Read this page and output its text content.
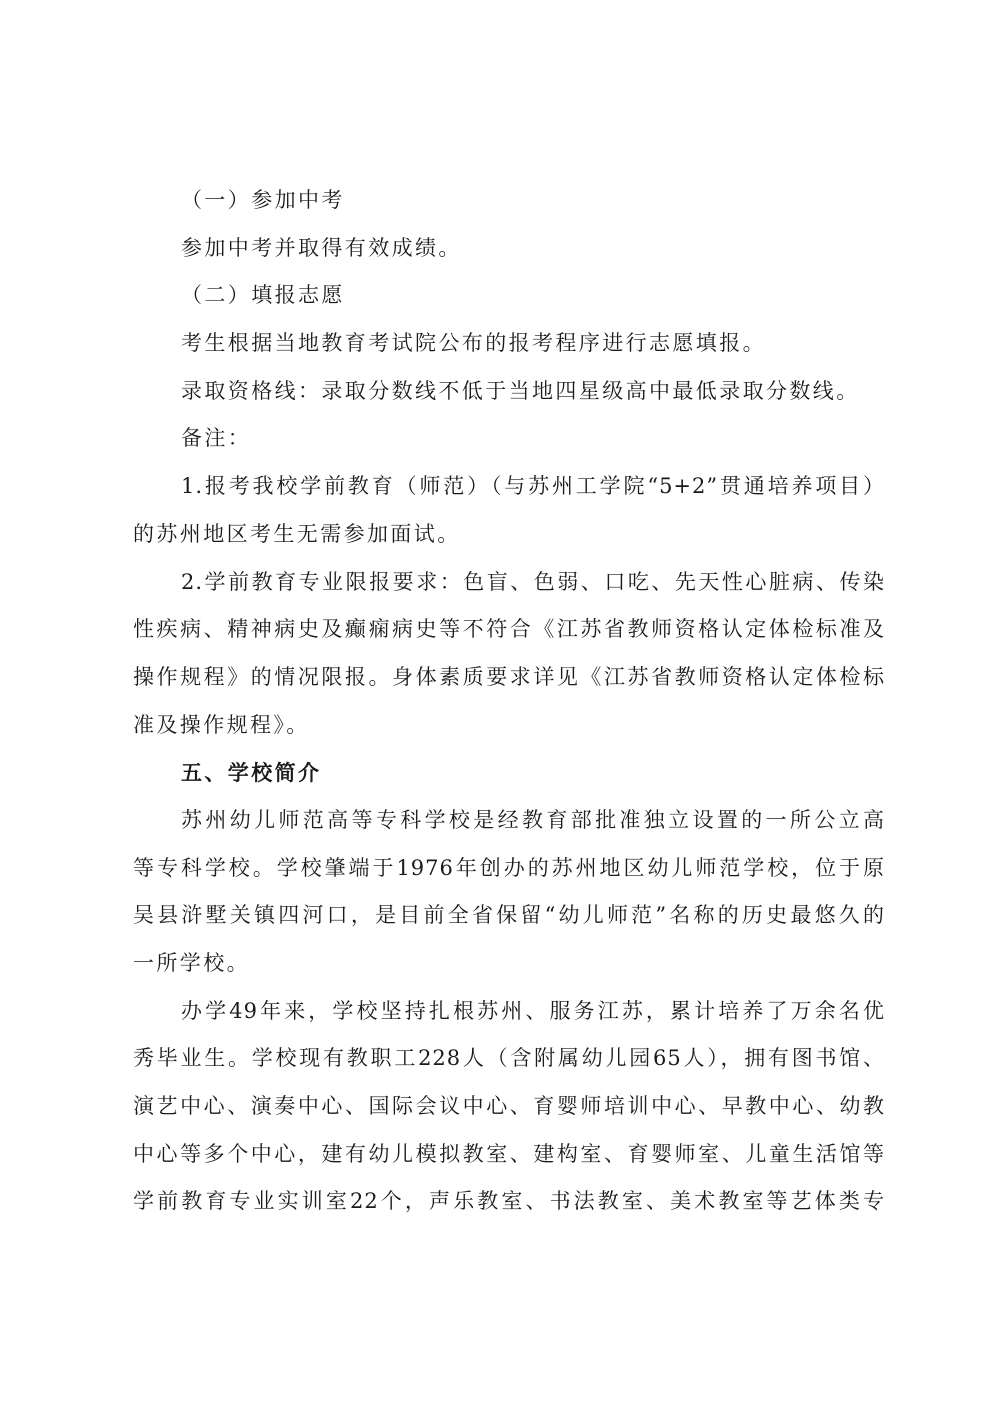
（一）参加中考
参加中考并取得有效成绩。
（二）填报志愿
考生根据当地教育考试院公布的报考程序进行志愿填报。
录取资格线：录取分数线不低于当地四星级高中最低录取分数线。
备注：
1.报考我校学前教育（师范）（与苏州工学院“5+2”贯通培养项目）
的苏州地区考生无需参加面试。
2.学前教育专业限报要求：色盲、色弱、口吃、先天性心脏病、传染
性疾病、精神病史及癫痫病史等不符合《江苏省教师资格认定体检标准及
操作规程》的情况限报。身体素质要求详见《江苏省教师资格认定体检标
准及操作规程》。
五、学校简介
苏州幼儿师范高等专科学校是经教育部批准独立设置的一所公立高
等专科学校。学校肇端于1976年创办的苏州地区幼儿师范学校，位于原
吴县浒墅关镇四河口，是目前全省保留“幼儿师范”名称的历史最悠久的
一所学校。
办学49年来，学校坚持扎根苏州、服务江苏，累计培养了万余名优
秀毕业生。学校现有教职工228人（含附属幼儿园65人），拥有图书馆、
演艺中心、演奏中心、国际会议中心、育婴师培训中心、早教中心、幼教
中心等多个中心，建有幼儿模拟教室、建构室、育婴师室、儿童生活馆等
学前教育专业实训室22个，声乐教室、书法教室、美术教室等艺体类专
